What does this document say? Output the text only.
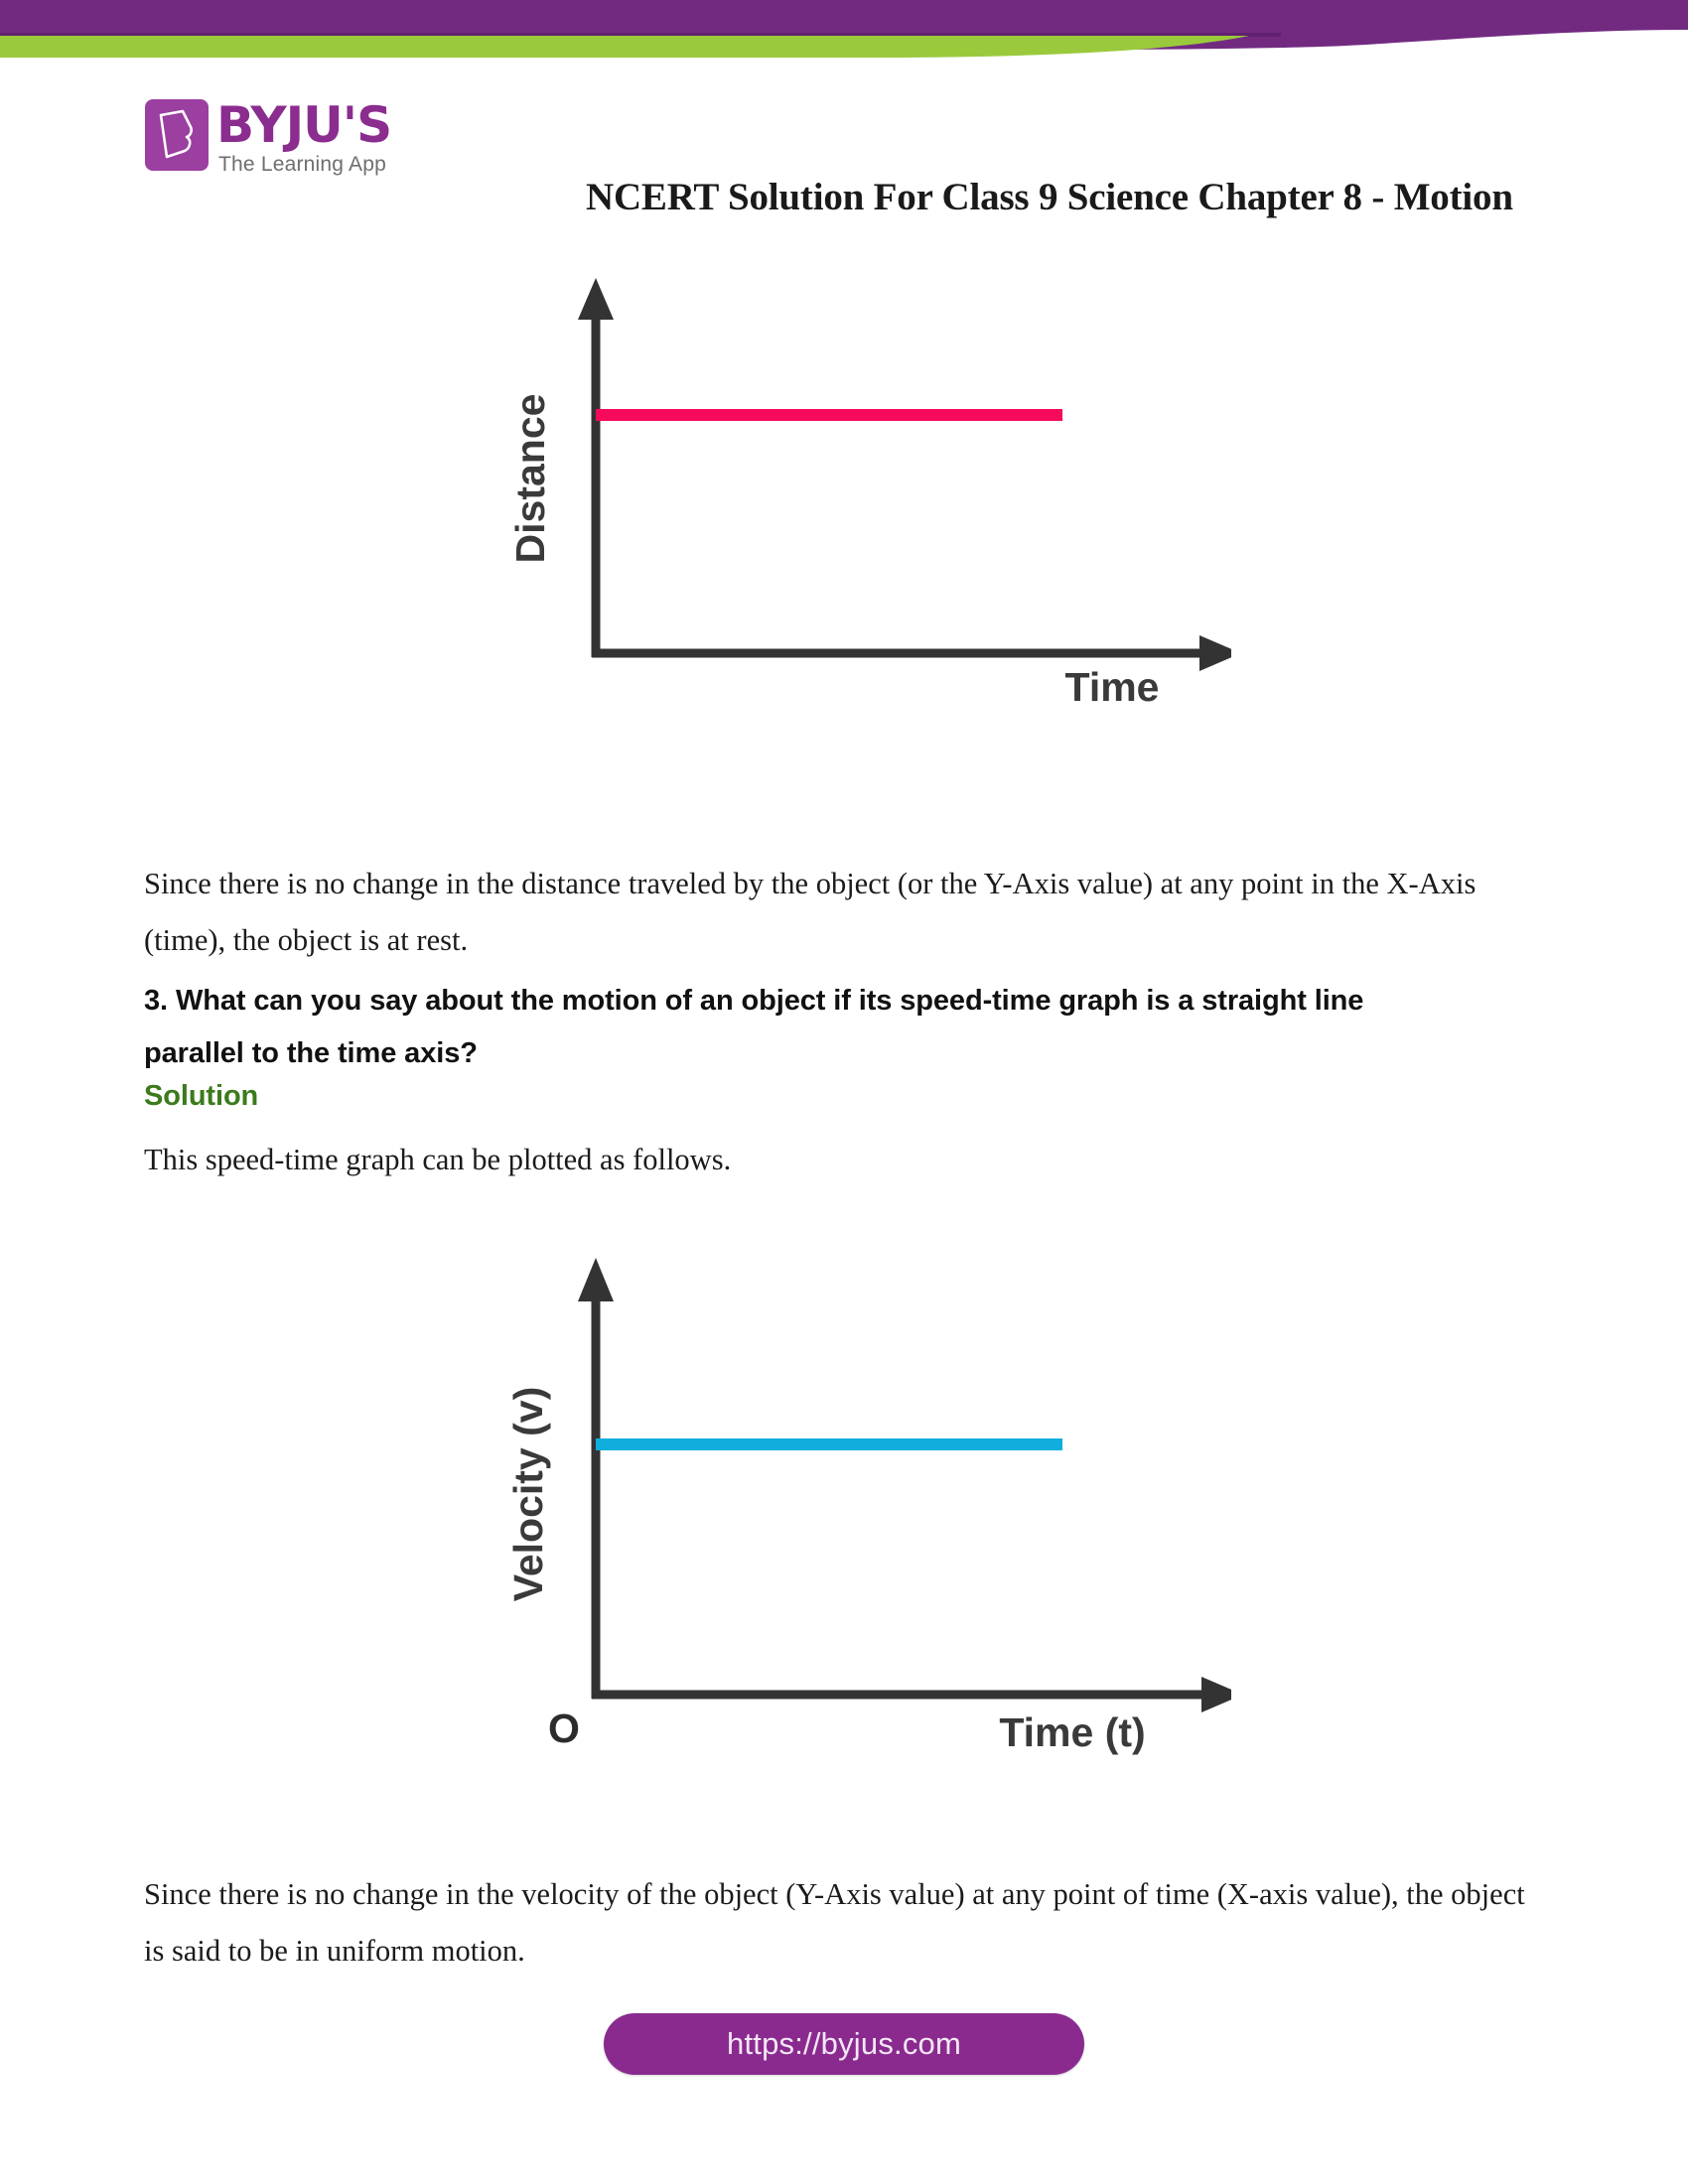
BYJU'S
The Learning App
NCERT Solution For Class 9 Science Chapter 8 - Motion
Distance
Time
Since there is no change in the distance traveled by the object (or the Y-Axis value) at any point in the X-Axis
(time), the object is at rest.
3. What can you say about the motion of an object if its speed-time graph is a straight line
parallel to the time axis?
Solution
This speed-time graph can be plotted as follows.
Velocity (v)
O	Time (t)
Since there is no change in the velocity of the object (Y-Axis value) at any point of time (X-axis value), the object
is said to be in uniform motion.
https://byjus.com
